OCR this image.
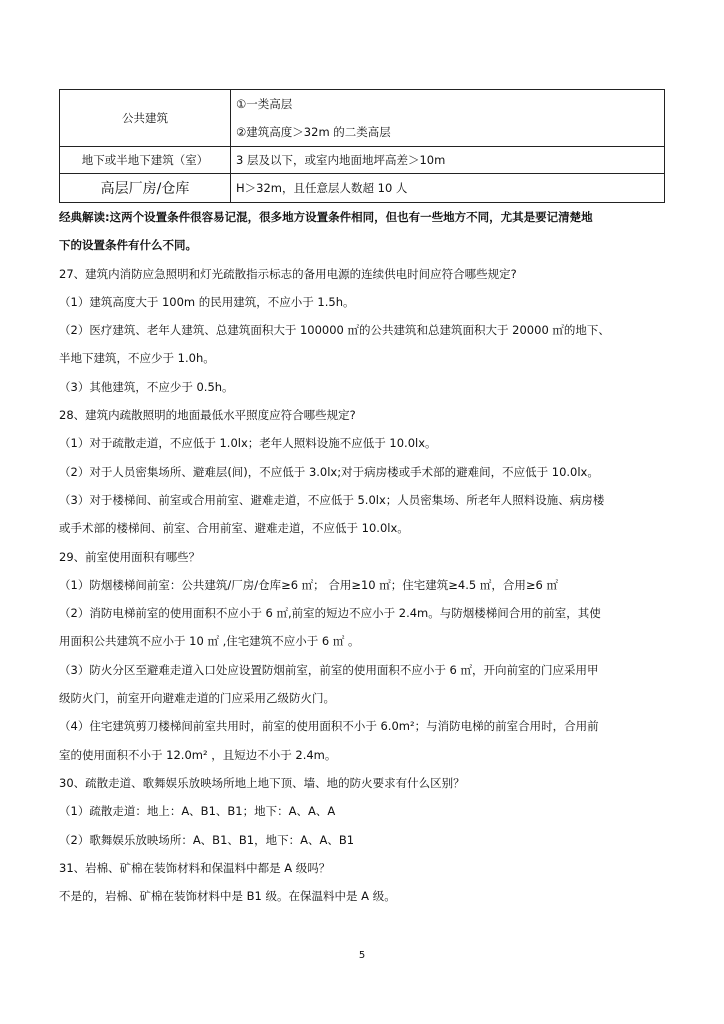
公共建筑	①一类高层
②建筑高度＞32m 的二类高层

地下或半地下建筑（室）	3 层及以下，或室内地面地坪高差＞10m
高层厂房/仓库	H＞32m，且任意层人数超 10 人

经典解读:这两个设置条件很容易记混，很多地方设置条件相同，但也有一些地方不同，尤其是要记清楚地

下的设置条件有什么不同。

27、建筑内消防应急照明和灯光疏散指示标志的备用电源的连续供电时间应符合哪些规定?

（1）建筑高度大于 100m 的民用建筑，不应小于 1.5h。

（2）医疗建筑、老年人建筑、总建筑面积大于 100000 ㎡的公共建筑和总建筑面积大于 20000 ㎡的地下、

半地下建筑，不应少于 1.0h。

（3）其他建筑，不应少于 0.5h。

28、建筑内疏散照明的地面最低水平照度应符合哪些规定?

（1）对于疏散走道，不应低于 1.0lx；老年人照料设施不应低于 10.0lx。

（2）对于人员密集场所、避难层(间)，不应低于 3.0lx;对于病房楼或手术部的避难间，不应低于 10.0lx。

（3）对于楼梯间、前室或合用前室、避难走道，不应低于 5.0lx；人员密集场、所老年人照料设施、病房楼

或手术部的楼梯间、前室、合用前室、避难走道，不应低于 10.0lx。

29、前室使用面积有哪些？

（1）防烟楼梯间前室：公共建筑/厂房/仓库≥6 ㎡； 合用≥10 ㎡；住宅建筑≥4.5 ㎡，合用≥6 ㎡

（2）消防电梯前室的使用面积不应小于 6 ㎡,前室的短边不应小于 2.4m。与防烟楼梯间合用的前室，其使

用面积公共建筑不应小于 10 ㎡ ,住宅建筑不应小于 6 ㎡ 。

（3）防火分区至避难走道入口处应设置防烟前室，前室的使用面积不应小于 6 ㎡，开向前室的门应采用甲

级防火门，前室开向避难走道的门应采用乙级防火门。

（4）住宅建筑剪刀楼梯间前室共用时，前室的使用面积不小于 6.0m²；与消防电梯的前室合用时，合用前

室的使用面积不小于 12.0m² ，且短边不小于 2.4m。

30、疏散走道、歌舞娱乐放映场所地上地下顶、墙、地的防火要求有什么区别？

（1）疏散走道：地上：A、B1、B1；地下：A、A、A

（2）歌舞娱乐放映场所：A、B1、B1，地下：A、A、B1

31、岩棉、矿棉在装饰材料和保温料中都是 A 级吗？

不是的，岩棉、矿棉在装饰材料中是 B1 级。在保温料中是 A 级。

5
